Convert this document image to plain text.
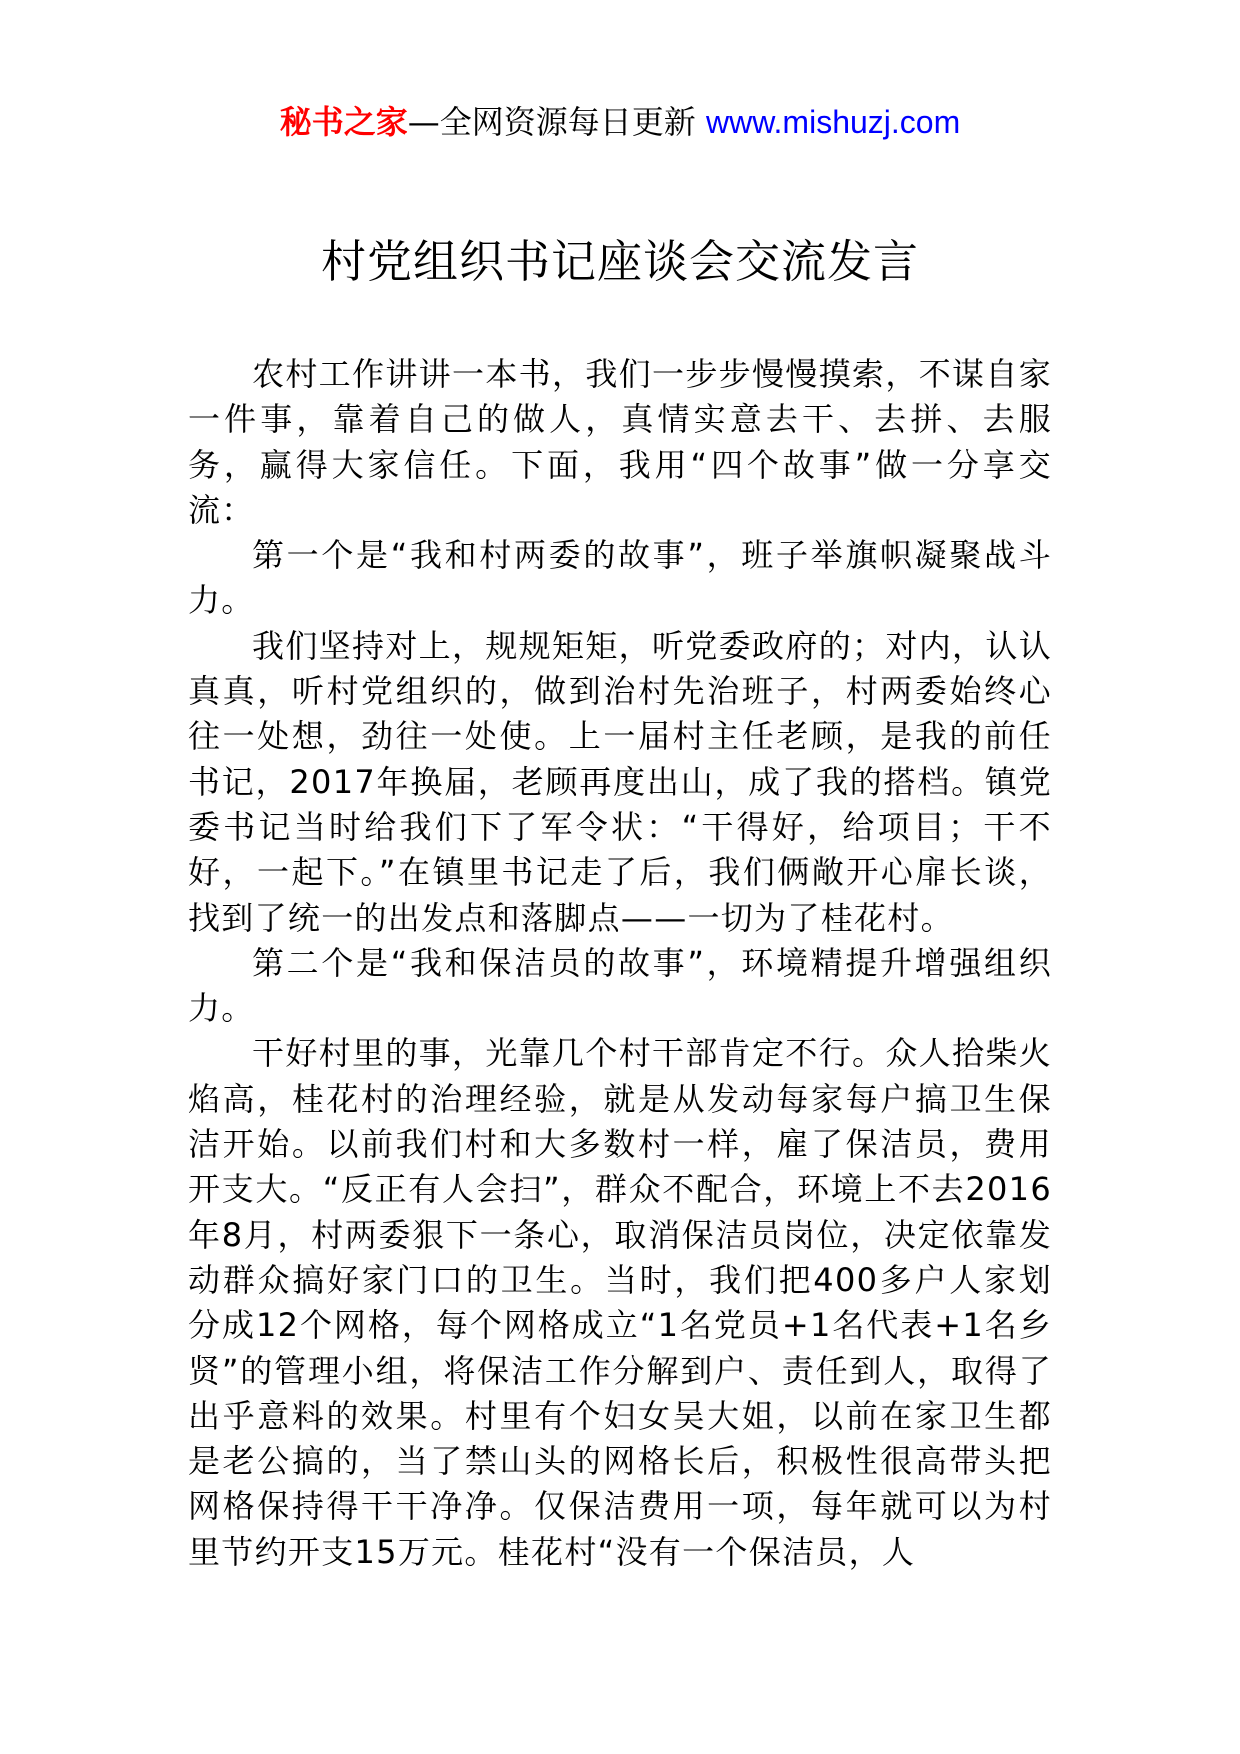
秘书之家—全网资源每日更新 www.mishuzj.com
村党组织书记座谈会交流发言

农村工作讲讲一本书，我们一步步慢慢摸索，不谋自家一件事，靠着自己的做人，真情实意去干、去拼、去服务，赢得大家信任。下面，我用“四个故事”做一分享交流：

第一个是“我和村两委的故事”，班子举旗帜凝聚战斗力。

我们坚持对上，规规矩矩，听党委政府的；对内，认认真真，听村党组织的，做到治村先治班子，村两委始终心往一处想，劲往一处使。上一届村主任老顾，是我的前任书记，2017年换届，老顾再度出山，成了我的搭档。镇党委书记当时给我们下了军令状：“干得好，给项目；干不好，一起下。”在镇里书记走了后，我们俩敞开心扉长谈，找到了统一的出发点和落脚点——一切为了桂花村。

第二个是“我和保洁员的故事”，环境精提升增强组织力。

干好村里的事，光靠几个村干部肯定不行。众人拾柴火焰高，桂花村的治理经验，就是从发动每家每户搞卫生保洁开始。以前我们村和大多数村一样，雇了保洁员，费用开支大。“反正有人会扫”，群众不配合，环境上不去2016年8月，村两委狠下一条心，取消保洁员岗位，决定依靠发动群众搞好家门口的卫生。当时，我们把400多户人家划分成12个网格，每个网格成立“1名党员+1名代表+1名乡贤”的管理小组，将保洁工作分解到户、责任到人，取得了出乎意料的效果。村里有个妇女吴大姐，以前在家卫生都是老公搞的，当了禁山头的网格长后，积极性很高带头把网格保持得干干净净。仅保洁费用一项，每年就可以为村里节约开支15万元。桂花村“没有一个保洁员，人
